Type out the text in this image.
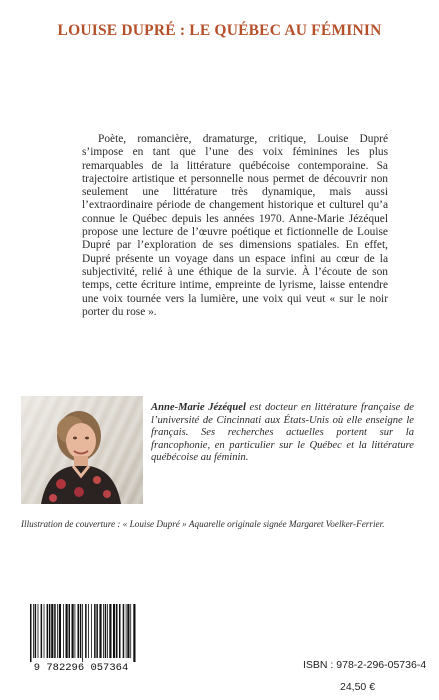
LOUISE DUPRÉ : LE QUÉBEC AU FÉMININ

Poète, romancière, dramaturge, critique, Louise Dupré s’impose en tant que l’une des voix féminines les plus remarquables de la littérature québécoise contemporaine. Sa trajectoire artistique et personnelle nous permet de découvrir non seulement une littérature très dynamique, mais aussi l’extraordinaire période de changement historique et culturel qu’a connue le Québec depuis les années 1970. Anne-Marie Jézéquel propose une lecture de l’œuvre poétique et fictionnelle de Louise Dupré par l’exploration de ses dimensions spatiales. En effet, Dupré présente un voyage dans un espace infini au cœur de la subjectivité, relié à une éthique de la survie. À l’écoute de son temps, cette écriture intime, empreinte de lyrisme, laisse entendre une voix tournée vers la lumière, une voix qui veut « sur le noir porter du rose ».

Anne-Marie Jézéquel est docteur en littérature française de l’université de Cincinnati aux États-Unis où elle enseigne le français. Ses recherches actuelles portent sur la francophonie, en particulier sur le Québec et la littérature québécoise au féminin.

Illustration de couverture : « Louise Dupré » Aquarelle originale signée Margaret Voelker-Ferrier.

9 782296 057364	ISBN : 978-2-296-05736-4
24,50 €
